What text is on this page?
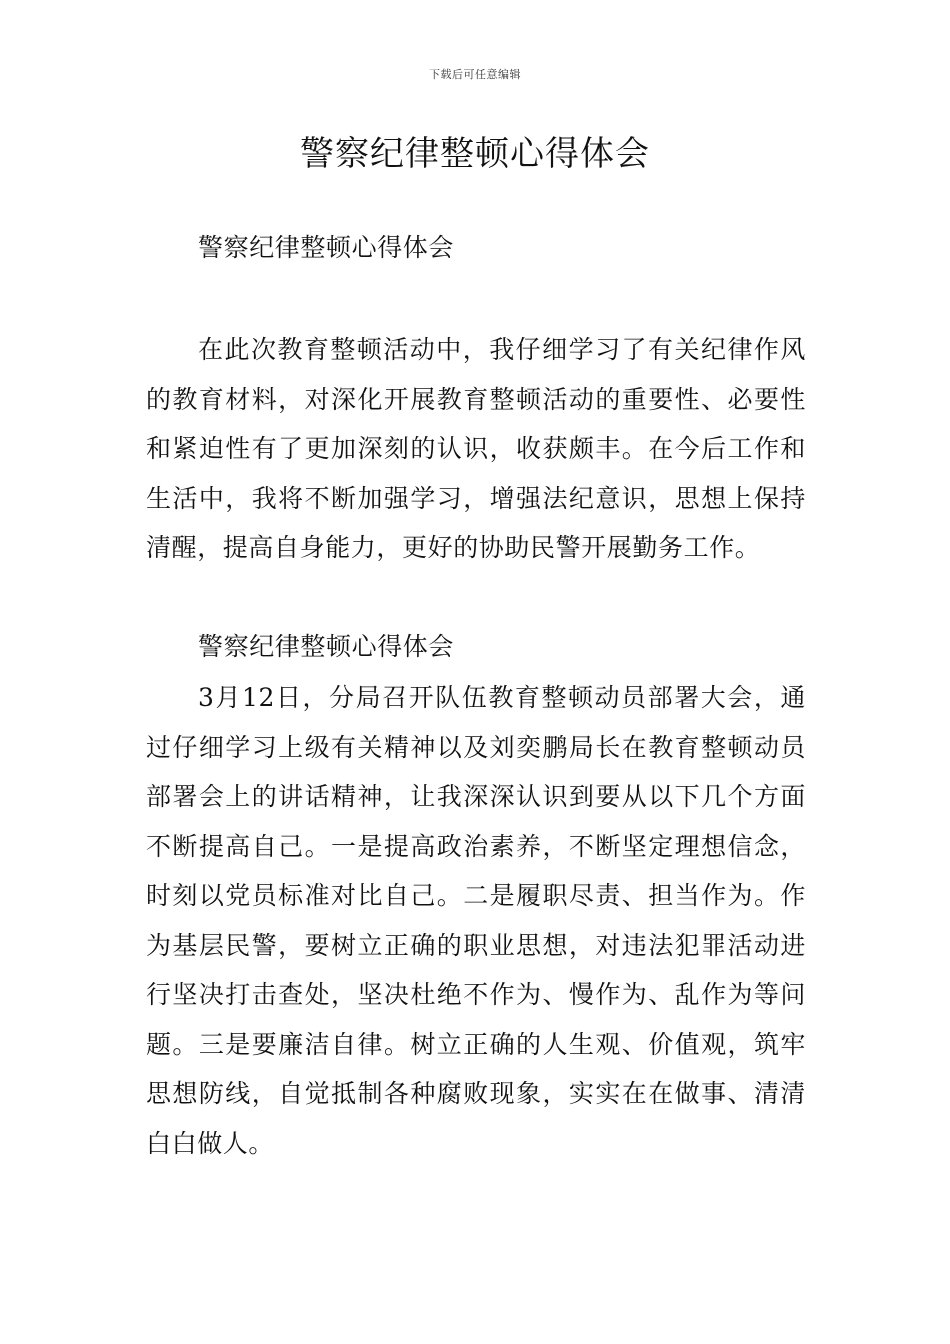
下载后可任意编辑
警察纪律整顿心得体会

警察纪律整顿心得体会

在此次教育整顿活动中，我仔细学习了有关纪律作风的教育材料，对深化开展教育整顿活动的重要性、必要性和紧迫性有了更加深刻的认识，收获颇丰。在今后工作和生活中，我将不断加强学习，增强法纪意识，思想上保持清醒，提高自身能力，更好的协助民警开展勤务工作。

警察纪律整顿心得体会

3月12日，分局召开队伍教育整顿动员部署大会，通过仔细学习上级有关精神以及刘奕鹏局长在教育整顿动员部署会上的讲话精神，让我深深认识到要从以下几个方面不断提高自己。一是提高政治素养，不断坚定理想信念，时刻以党员标准对比自己。二是履职尽责、担当作为。作为基层民警，要树立正确的职业思想，对违法犯罪活动进行坚决打击查处，坚决杜绝不作为、慢作为、乱作为等问题。三是要廉洁自律。树立正确的人生观、价值观，筑牢思想防线，自觉抵制各种腐败现象，实实在在做事、清清白白做人。
